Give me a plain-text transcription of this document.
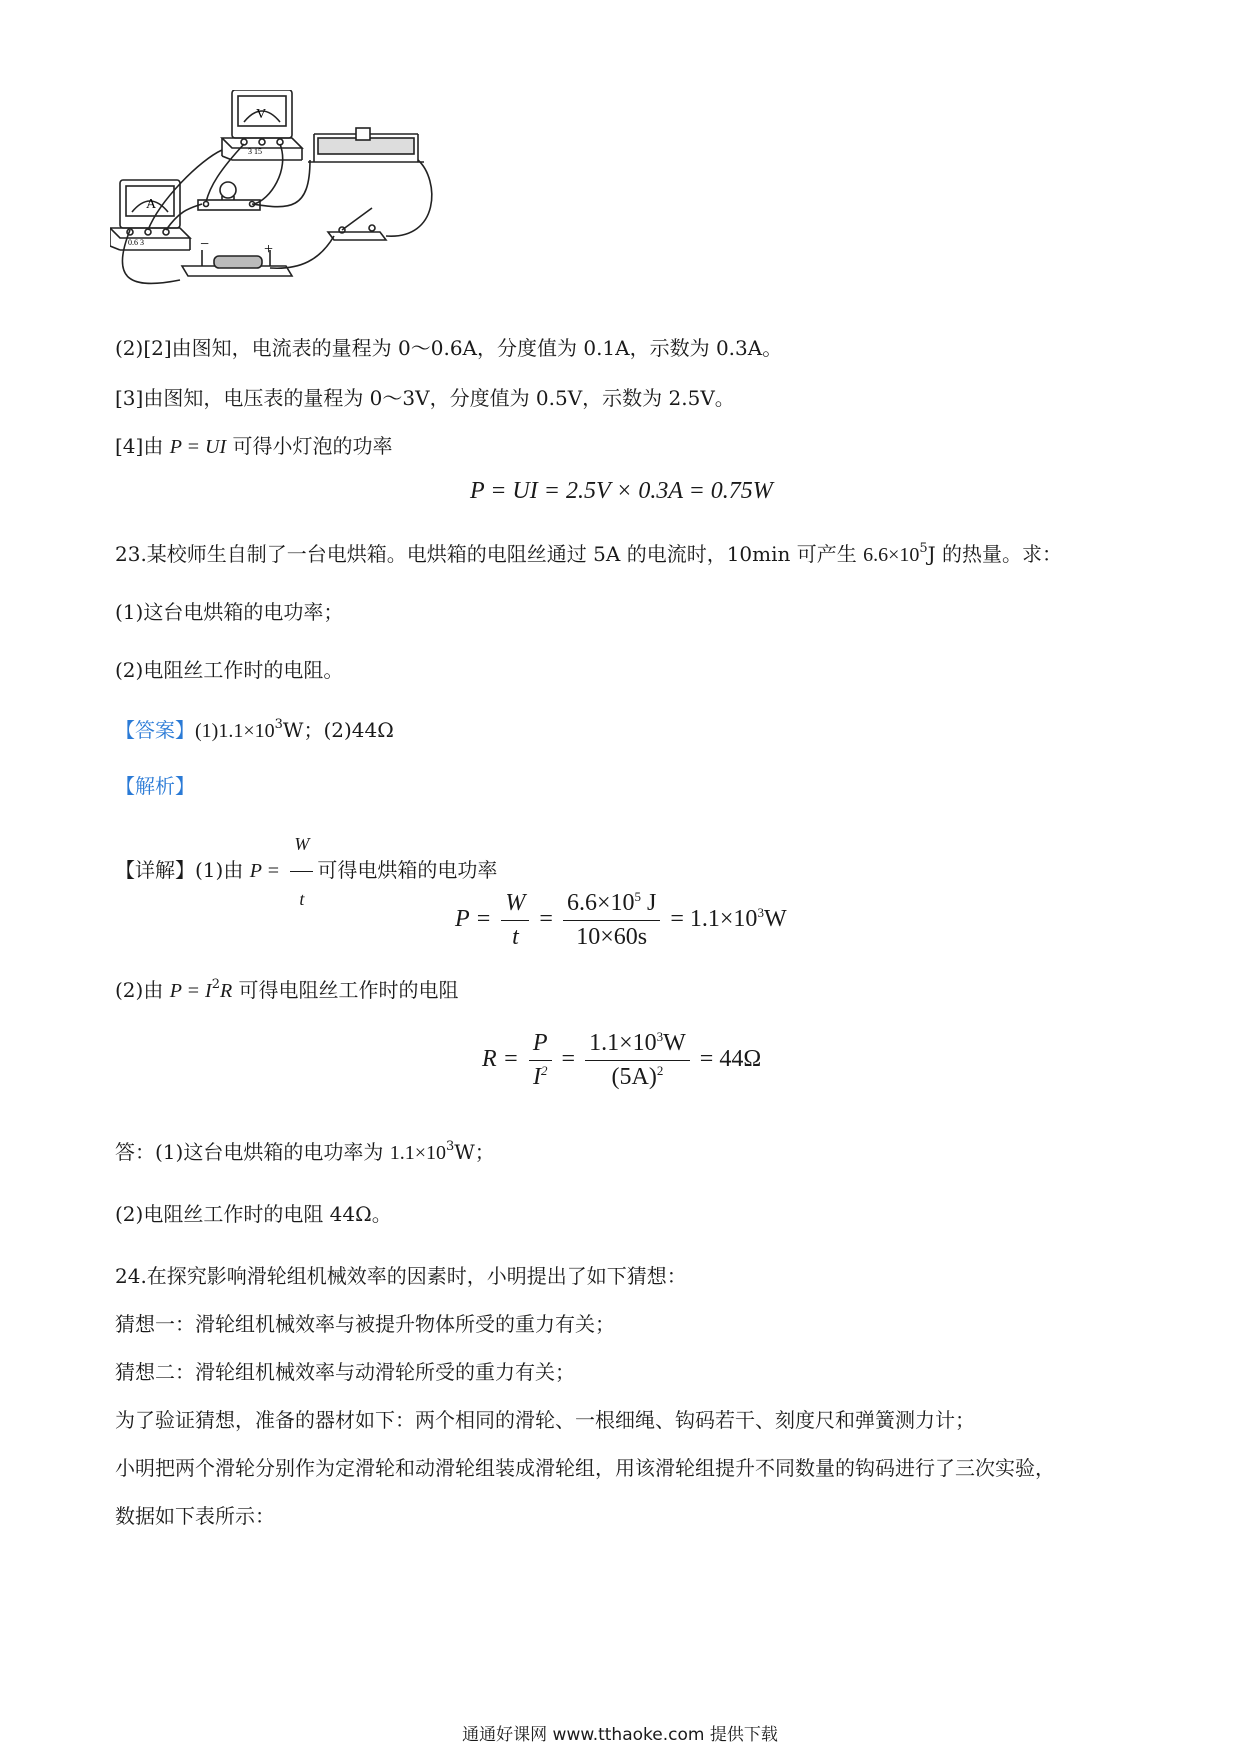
A
V
−	+
0.6 3
3 15
(2)[2]由图知，电流表的量程为 0～0.6A，分度值为 0.1A，示数为 0.3A。
[3]由图知，电压表的量程为 0～3V，分度值为 0.5V，示数为 2.5V。
[4]由 P = UI 可得小灯泡的功率
P = UI = 2.5V × 0.3A = 0.75W
23.某校师生自制了一台电烘箱。电烘箱的电阻丝通过 5A 的电流时，10min 可产生 $6.6\times 10^5J$ 的热量。求：
(1)这台电烘箱的电功率；
(2)电阻丝工作时的电阻。
【答案】$(1)1.1\times 10^3W$；(2)44Ω
【解析】
【详解】(1)由 $P = \frac{W}{t}$ 可得电烘箱的电功率
$P = \frac{W}{t} = \frac{6.6\times 10^5 J}{10\times 60s} = 1.1\times 10^3W$
(2)由 $P = I^2R$ 可得电阻丝工作时的电阻
$R = \frac{P}{I^2} = \frac{1.1\times 10^3W}{(5A)^2} = 44\Omega$
答：(1)这台电烘箱的电功率为 $1.1\times 10^3W$；
(2)电阻丝工作时的电阻 44Ω。
24.在探究影响滑轮组机械效率的因素时，小明提出了如下猜想：
猜想一：滑轮组机械效率与被提升物体所受的重力有关；
猜想二：滑轮组机械效率与动滑轮所受的重力有关；
为了验证猜想，准备的器材如下：两个相同的滑轮、一根细绳、钩码若干、刻度尺和弹簧测力计；
小明把两个滑轮分别作为定滑轮和动滑轮组装成滑轮组，用该滑轮组提升不同数量的钩码进行了三次实验，
数据如下表所示：
通通好课网 www.tthaoke.com 提供下载
